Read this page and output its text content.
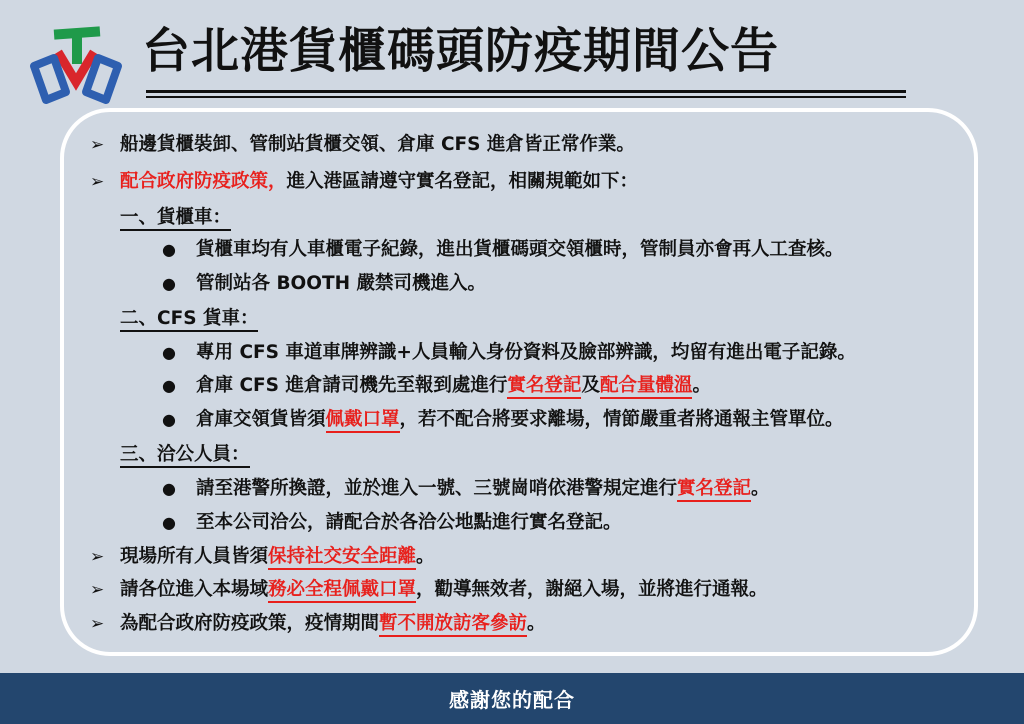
台北港貨櫃碼頭防疫期間公告
➢ 船邊貨櫃裝卸、管制站貨櫃交領、倉庫 CFS 進倉皆正常作業。
➢ 配合政府防疫政策，進入港區請遵守實名登記，相關規範如下：
一、貨櫃車：
● 貨櫃車均有人車櫃電子紀錄，進出貨櫃碼頭交領櫃時，管制員亦會再人工查核。
● 管制站各 BOOTH 嚴禁司機進入。
二、CFS 貨車：
● 專用 CFS 車道車牌辨識+人員輸入身份資料及臉部辨識，均留有進出電子記錄。
● 倉庫 CFS 進倉請司機先至報到處進行實名登記及配合量體溫。
● 倉庫交領貨皆須佩戴口罩，若不配合將要求離場，情節嚴重者將通報主管單位。
三、洽公人員：
● 請至港警所換證，並於進入一號、三號崗哨依港警規定進行實名登記。
● 至本公司洽公，請配合於各洽公地點進行實名登記。
➢ 現場所有人員皆須保持社交安全距離。
➢ 請各位進入本場域務必全程佩戴口罩，勸導無效者，謝絕入場，並將進行通報。
➢ 為配合政府防疫政策，疫情期間暫不開放訪客參訪。
感謝您的配合
